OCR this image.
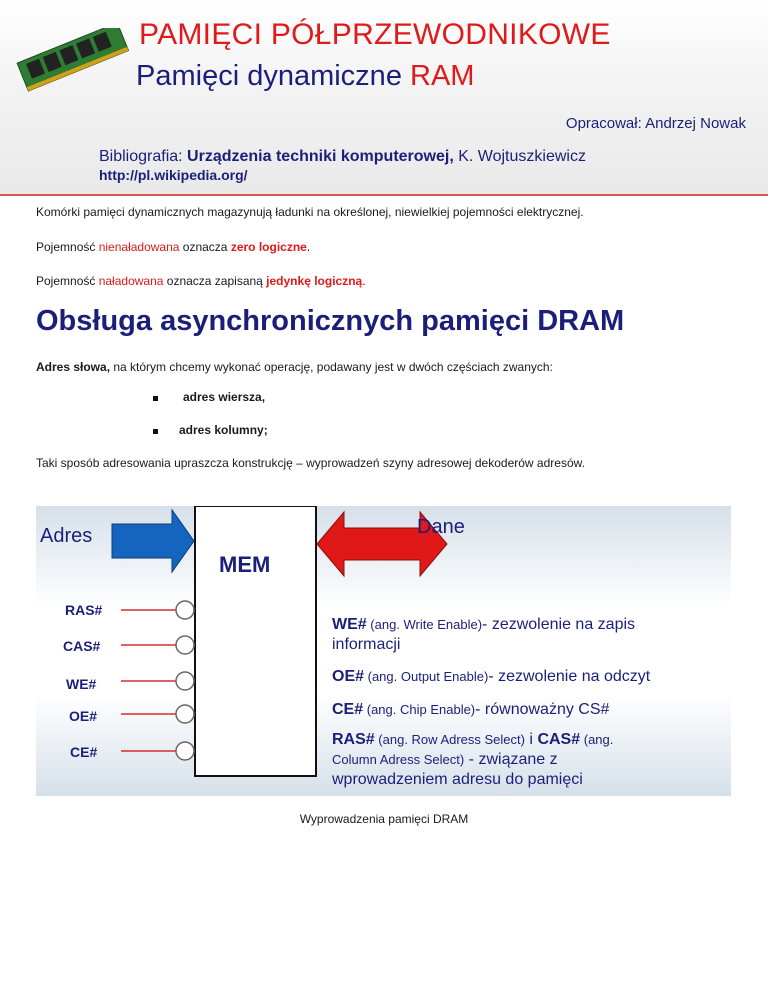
PAMIĘCI PÓŁPRZEWODNIKOWE
Pamięci dynamiczne RAM
Opracował: Andrzej Nowak
Bibliografia: Urządzenia techniki komputerowej, K. Wojtuszkiewicz
http://pl.wikipedia.org/
Komórki pamięci dynamicznych magazynują ładunki na określonej, niewielkiej pojemności elektrycznej.
Pojemność nienaładowana oznacza zero logiczne.
Pojemność naładowana oznacza zapisaną jedynkę logiczną.
Obsługa asynchronicznych pamięci DRAM
Adres słowa, na którym chcemy wykonać operację, podawany jest w dwóch częściach zwanych:
adres wiersza,
adres kolumny;
Taki sposób adresowania upraszcza konstrukcję – wyprowadzeń szyny adresowej dekoderów adresów.
Adres	Dane
MEM
RAS#
CAS#
WE#
OE#
CE#
WE# (ang. Write Enable)- zezwolenie na zapis
informacji
OE# (ang. Output Enable)- zezwolenie na odczyt
CE# (ang. Chip Enable)- równoważny CS#
RAS# (ang. Row Adress Select) i CAS# (ang.
Column Adress Select) - związane z
wprowadzeniem adresu do pamięci
Wyprowadzenia pamięci DRAM
